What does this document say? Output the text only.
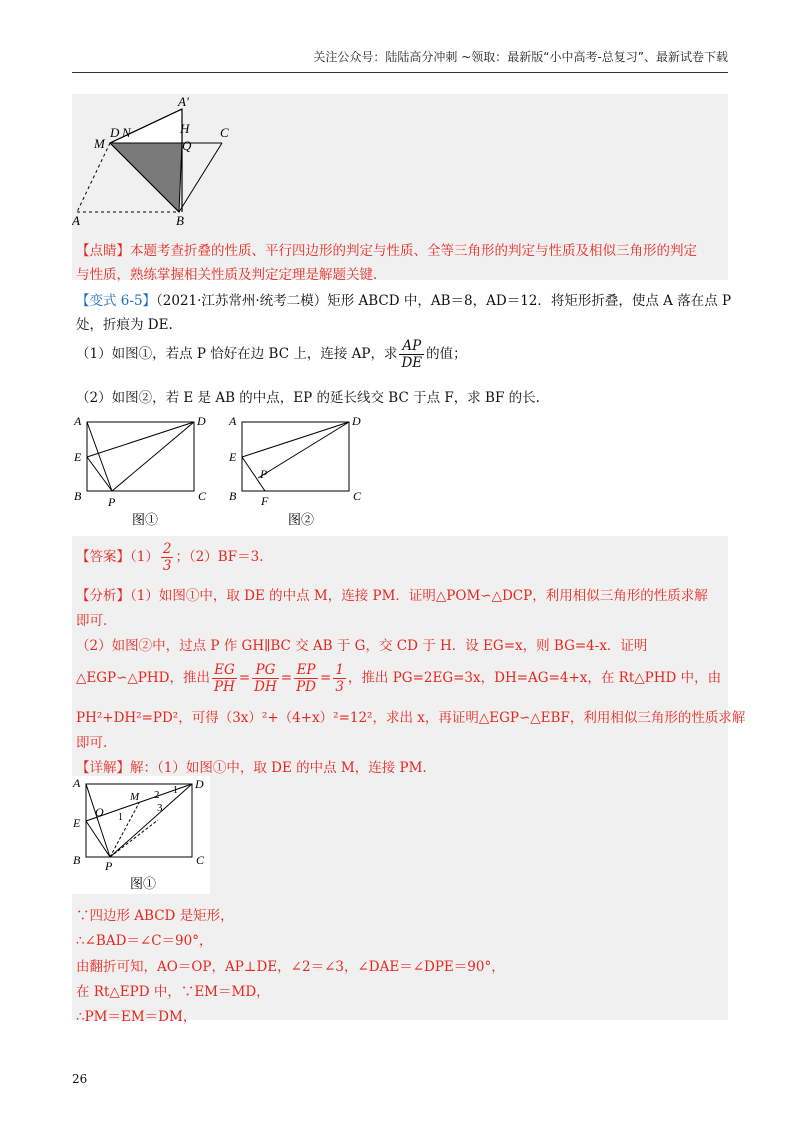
关注公众号：陆陆高分冲刺 ~领取：最新版“小中高考-总复习”、最新试卷下载
A'
D N	H C
M	Q
A	B
【点睛】本题考查折叠的性质、平行四边形的判定与性质、全等三角形的判定与性质及相似三角形的判定
与性质，熟练掌握相关性质及判定定理是解题关键．
【变式 6-5】（2021·江苏常州·统考二模）矩形 ABCD 中，AB＝8，AD＝12．将矩形折叠，使点 A 落在点 P
处，折痕为 DE.
（1）如图①，若点 P 恰好在边 BC 上，连接 AP，求 $\frac{AP}{DE}$ 的值；
（2）如图②，若 E 是 AB 的中点，EP 的延长线交 BC 于点 F，求 BF 的长.
A	D
E
B P	C
图①
A	D
E
P
B F	C
图②
【答案】$(1) \frac{2}{3}$ ；（2）BF＝3.
【分析】（1）如图①中，取 DE 的中点 M，连接 PM．证明△POM∽△DCP，利用相似三角形的性质求解
即可.
（2）如图②中，过点 P 作 GH∥BC 交 AB 于 G，交 CD 于 H．设 EG=x，则 BG=4-x．证明
△EGP∽△PHD，推出 $\frac{EG}{PH} = \frac{PG}{DH} = \frac{EP}{PD} = \frac{1}{3}$ ，推出 PG=2EG=3x，DH=AG=4+x，在 Rt△PHD 中，由
PH²+DH²=PD²，可得（3x）²+（4+x）²=12²，求出 x，再证明△EGP∽△EBF，利用相似三角形的性质求解
即可.
【详解】解：（1）如图①中，取 DE 的中点 M，连接 PM.
A
M 2 1 D
O 1
3
E
B P	C
图①
∵四边形 ABCD 是矩形，
∴∠BAD＝∠C＝90°，
由翻折可知，AO＝OP，AP⊥DE，∠2＝∠3，∠DAE＝∠DPE＝90°，
在 Rt△EPD 中，∵EM＝MD，
∴PM＝EM＝DM，
26
